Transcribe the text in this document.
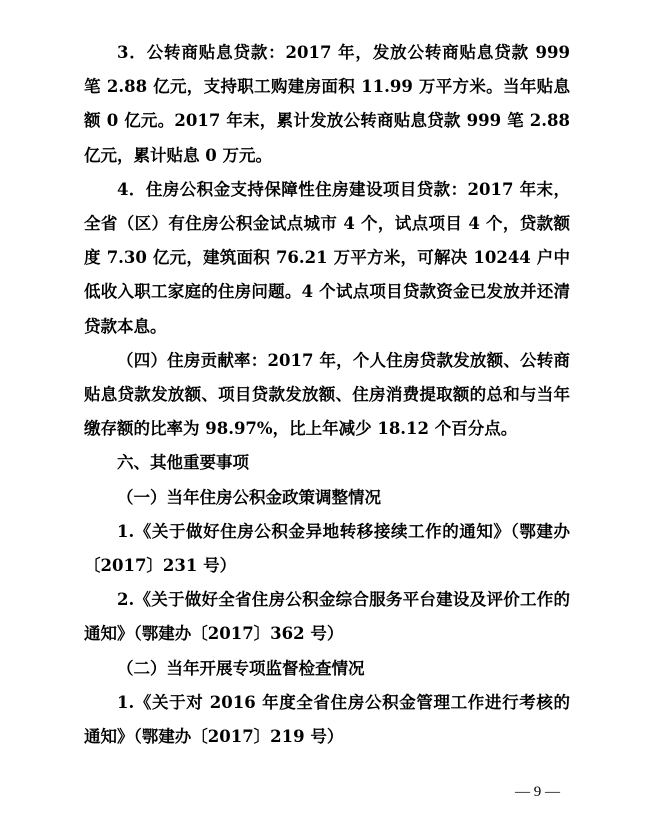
3．公转商贴息贷款：2017 年，发放公转商贴息贷款 999 笔 2.88 亿元，支持职工购建房面积 11.99 万平方米。当年贴息额 0 亿元。2017 年末，累计发放公转商贴息贷款 999 笔 2.88 亿元，累计贴息 0 万元。

4．住房公积金支持保障性住房建设项目贷款：2017 年末，全省（区）有住房公积金试点城市 4 个，试点项目 4 个，贷款额度 7.30 亿元，建筑面积 76.21 万平方米，可解决 10244 户中低收入职工家庭的住房问题。4 个试点项目贷款资金已发放并还清贷款本息。

（四）住房贡献率：2017 年，个人住房贷款发放额、公转商贴息贷款发放额、项目贷款发放额、住房消费提取额的总和与当年缴存额的比率为 98.97%，比上年减少 18.12 个百分点。

六、其他重要事项

（一）当年住房公积金政策调整情况

1.《关于做好住房公积金异地转移接续工作的通知》（鄂建办〔2017〕231 号）

2.《关于做好全省住房公积金综合服务平台建设及评价工作的通知》（鄂建办〔2017〕362 号）

（二）当年开展专项监督检查情况

1.《关于对 2016 年度全省住房公积金管理工作进行考核的通知》（鄂建办〔2017〕219 号）

— 9 —
